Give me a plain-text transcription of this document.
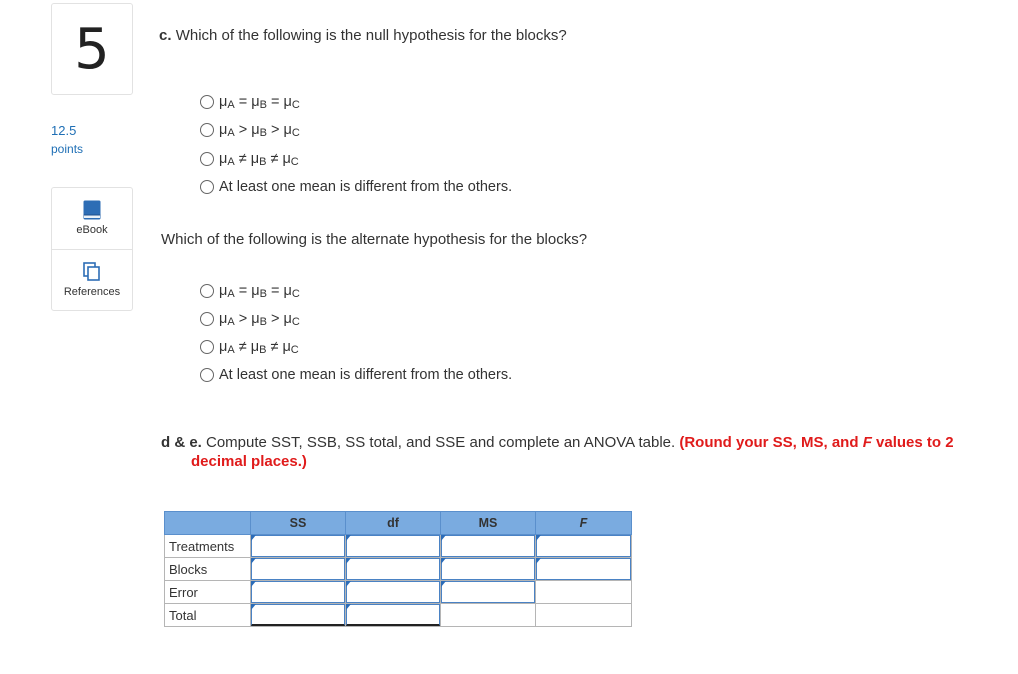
5
12.5
points
eBook
References
c. Which of the following is the null hypothesis for the blocks?
μA = μB = μC
μA > μB > μC
μA ≠ μB ≠ μC
At least one mean is different from the others.
Which of the following is the alternate hypothesis for the blocks?
μA = μB = μC
μA > μB > μC
μA ≠ μB ≠ μC
At least one mean is different from the others.
d & e. Compute SST, SSB, SS total, and SSE and complete an ANOVA table. (Round your SS, MS, and F values to 2
decimal places.)
	SS	df	MS	F
Treatments	

Blocks	

Error	

Total	
